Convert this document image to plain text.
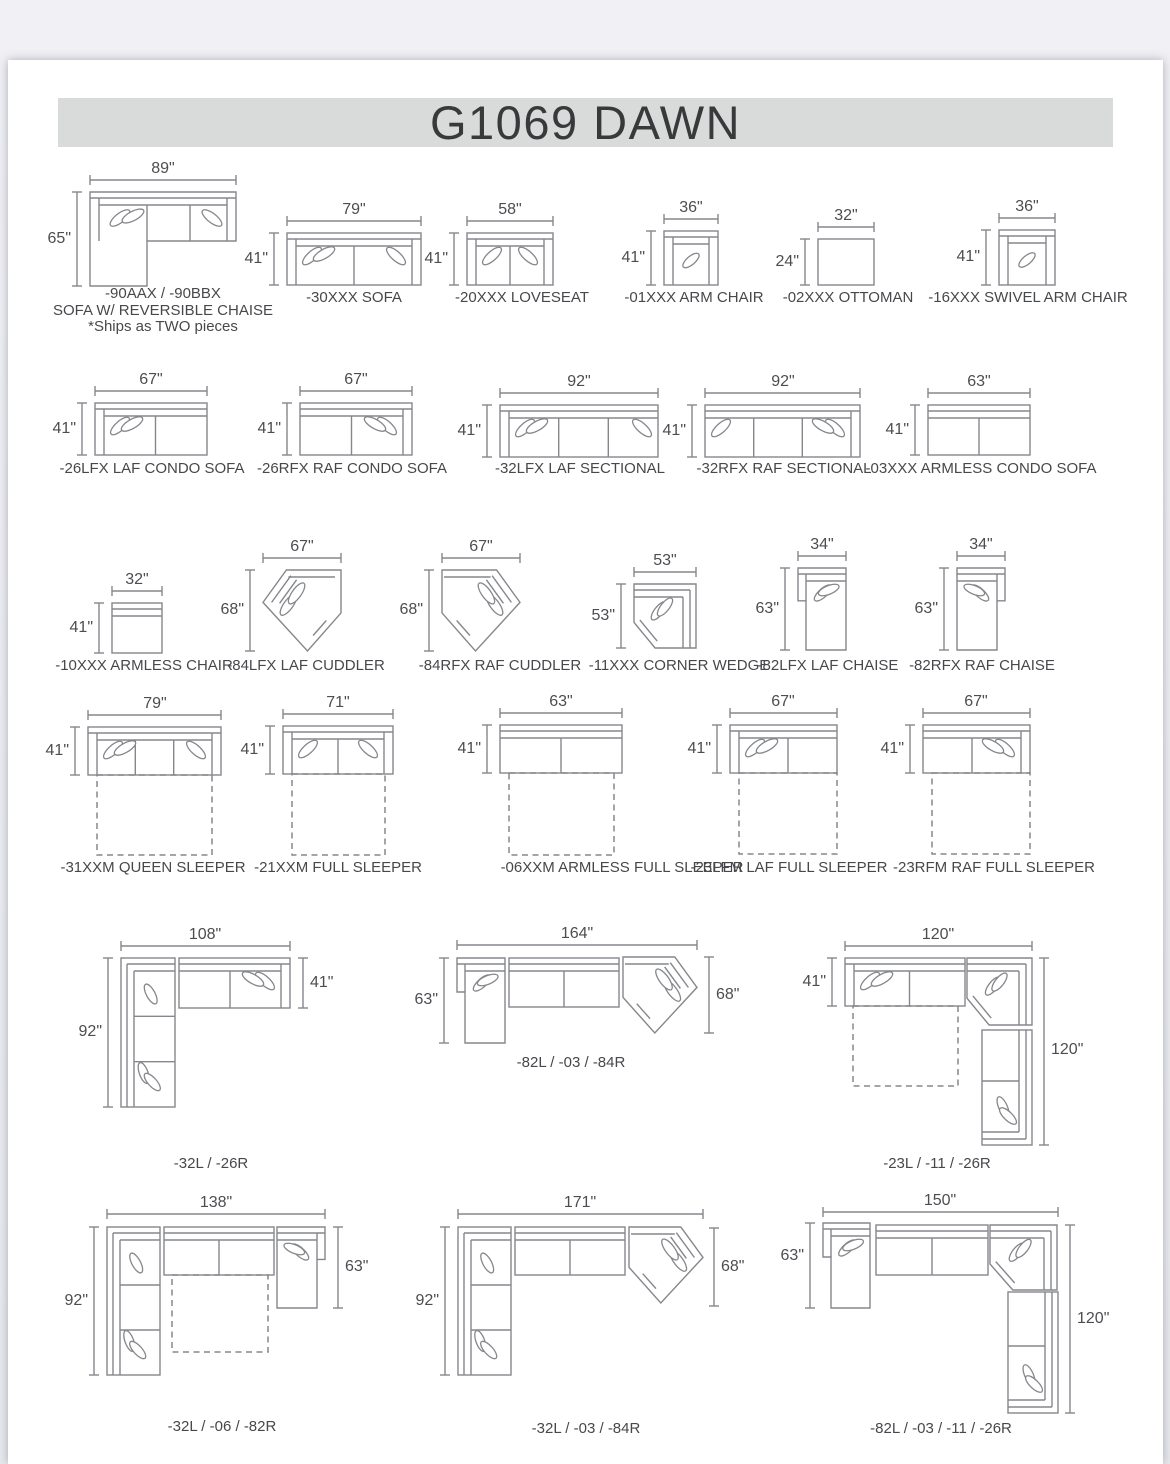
G1069 DAWN
89"
65"
-90AAX / -90BBX
SOFA W/ REVERSIBLE CHAISE
*Ships as TWO pieces
79"
41"
-30XXX SOFA
58"
41"
-20XXX LOVESEAT
36"
41"
-01XXX ARM CHAIR
32"
24"
-02XXX OTTOMAN
36"
41"
-16XXX SWIVEL ARM CHAIR
67"
41"
-26LFX LAF CONDO SOFA
67"
41"
-26RFX RAF CONDO SOFA
92"
41"
-32LFX LAF SECTIONAL
92"
41"
-32RFX RAF SECTIONAL
63"
41"
-03XXX ARMLESS CONDO SOFA
32"
41"
-10XXX ARMLESS CHAIR
67"
68"
-84LFX LAF CUDDLER
67"
68"
-84RFX RAF CUDDLER
53"
53"
-11XXX CORNER WEDGE
34"
63"
-82LFX LAF CHAISE
34"
63"
-82RFX RAF CHAISE
79"
41"
-31XXM QUEEN SLEEPER
71"
41"
-21XXM FULL SLEEPER
63"
41"
-06XXM ARMLESS FULL SLEEPER
67"
41"
-23LFM LAF FULL SLEEPER
67"
41"
-23RFM RAF FULL SLEEPER
108"
92"
41"
-32L / -26R
164"
63"	68"
-82L / -03 / -84R
120"
41"
120"
-23L / -11 / -26R
138"
92"
63"
-32L / -06 / -82R
171"
92"
68"
-32L / -03 / -84R
150"
63"
120"
-82L / -03 / -11 / -26R
